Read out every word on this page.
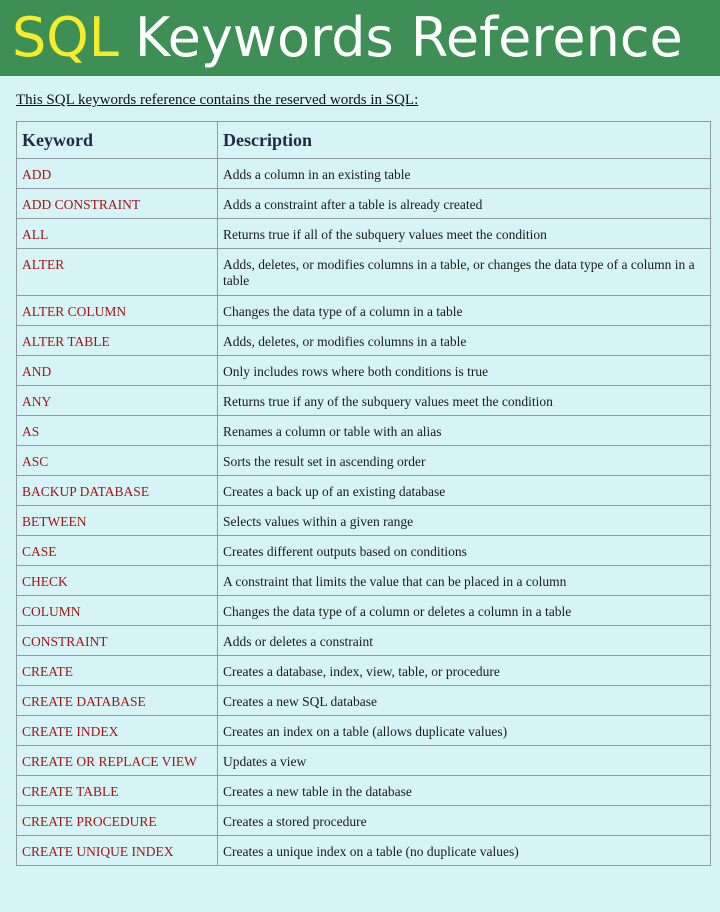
SQL Keywords Reference
This SQL keywords reference contains the reserved words in SQL:
Keyword	Description
ADD	Adds a column in an existing table
ADD CONSTRAINT	Adds a constraint after a table is already created
ALL	Returns true if all of the subquery values meet the condition
ALTER	Adds, deletes, or modifies columns in a table, or changes the data type of a column in a table
ALTER COLUMN	Changes the data type of a column in a table
ALTER TABLE	Adds, deletes, or modifies columns in a table
AND	Only includes rows where both conditions is true
ANY	Returns true if any of the subquery values meet the condition
AS	Renames a column or table with an alias
ASC	Sorts the result set in ascending order
BACKUP DATABASE	Creates a back up of an existing database
BETWEEN	Selects values within a given range
CASE	Creates different outputs based on conditions
CHECK	A constraint that limits the value that can be placed in a column
COLUMN	Changes the data type of a column or deletes a column in a table
CONSTRAINT	Adds or deletes a constraint
CREATE	Creates a database, index, view, table, or procedure
CREATE DATABASE	Creates a new SQL database
CREATE INDEX	Creates an index on a table (allows duplicate values)
CREATE OR REPLACE VIEW	Updates a view
CREATE TABLE	Creates a new table in the database
CREATE PROCEDURE	Creates a stored procedure
CREATE UNIQUE INDEX	Creates a unique index on a table (no duplicate values)
